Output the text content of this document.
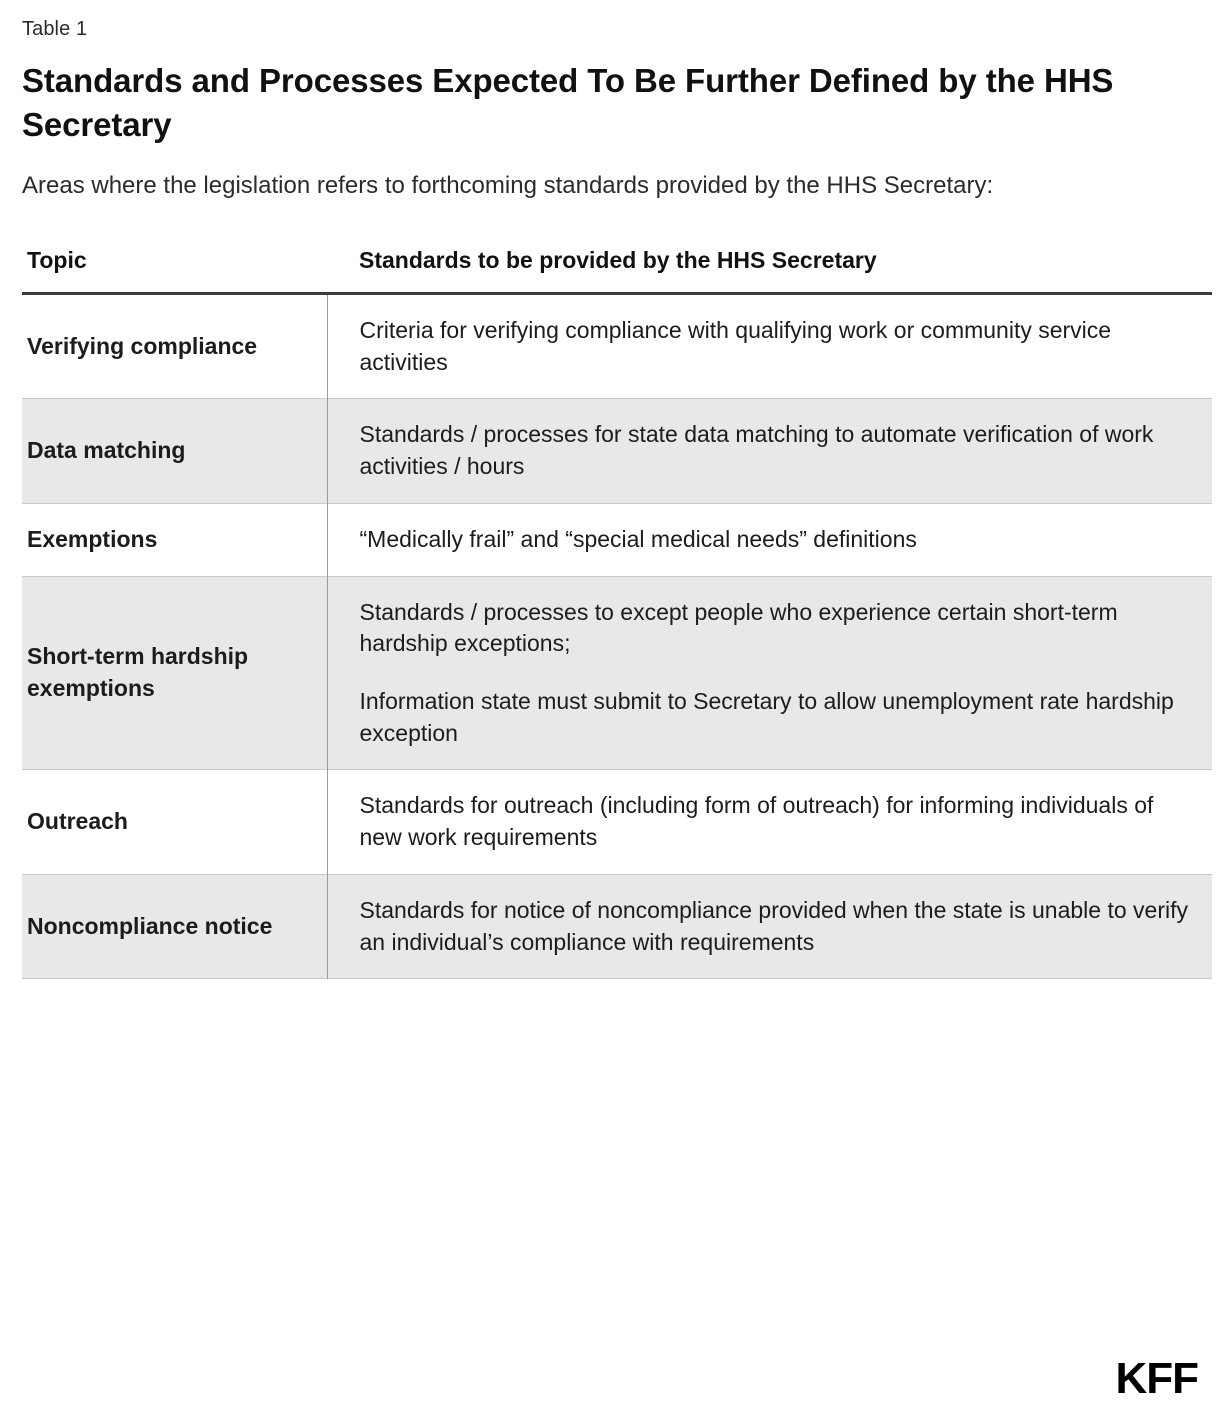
Table 1
Standards and Processes Expected To Be Further Defined by the HHS Secretary

Areas where the legislation refers to forthcoming standards provided by the HHS Secretary:

Topic	Standards to be provided by the HHS Secretary
Verifying compliance	Criteria for verifying compliance with qualifying work or community service activities

Data matching	Standards / processes for state data matching to automate verification of work activities / hours

Exemptions	“Medically frail” and “special medical needs” definitions

Short-term hardship exemptions	Standards / processes to except people who experience certain short-term hardship exceptions;

Information state must submit to Secretary to allow unemployment rate hardship exception

Outreach	Standards for outreach (including form of outreach) for informing individuals of new work requirements

Noncompliance notice	Standards for notice of noncompliance provided when the state is unable to verify an individual’s compliance with requirements

KFF
